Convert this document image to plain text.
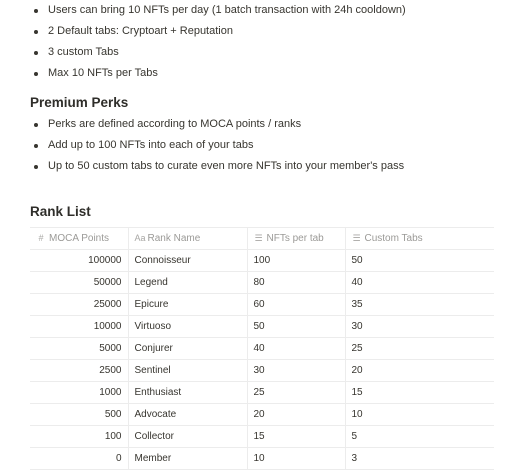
Users can bring 10 NFTs per day (1 batch transaction with 24h cooldown)
2 Default tabs: Cryptoart + Reputation
3 custom Tabs
Max 10 NFTs per Tabs
Premium Perks
Perks are defined according to MOCA points / ranks
Add up to 100 NFTs into each of your tabs
Up to 50 custom tabs to curate even more NFTs into your member's pass
Rank List
# MOCA Points	Aa Rank Name	☰ NFTs per tab	☰ Custom Tabs
100000	Connoisseur	100	50
50000	Legend	80	40
25000	Epicure	60	35
10000	Virtuoso	50	30
5000	Conjurer	40	25
2500	Sentinel	30	20
1000	Enthusiast	25	15
500	Advocate	20	10
100	Collector	15	5
0	Member	10	3
